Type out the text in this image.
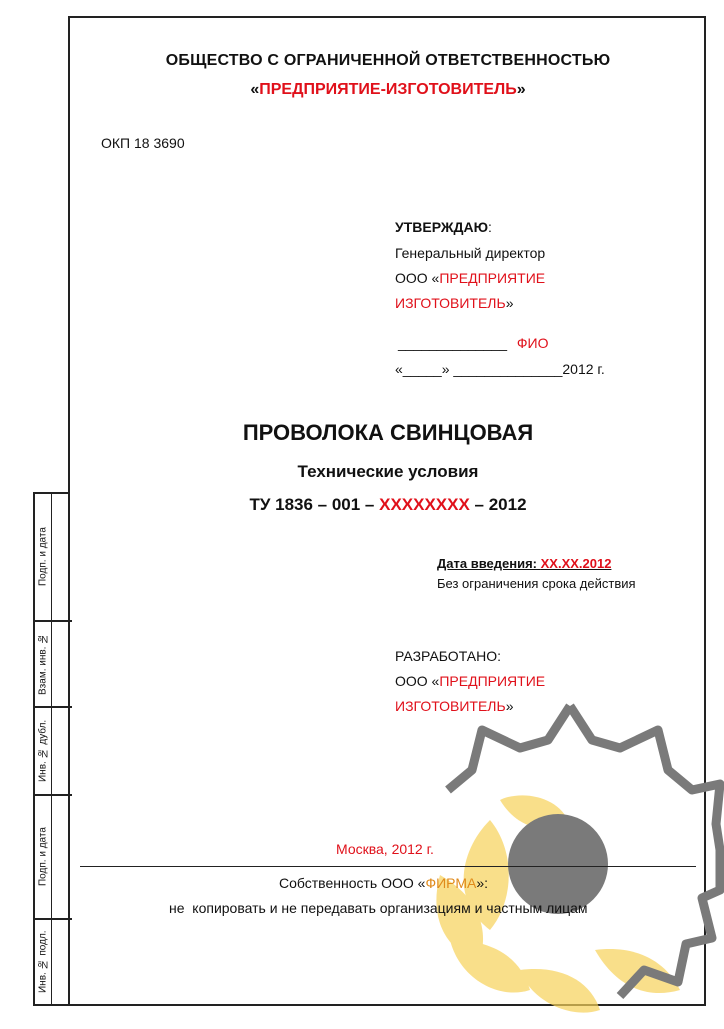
Подп. и дата
Взам. инв. №
Инв. № дубл.
Подп. и дата
Инв. № подл.
ОБЩЕСТВО С ОГРАНИЧЕННОЙ ОТВЕТСТВЕННОСТЬЮ
«ПРЕДПРИЯТИЕ-ИЗГОТОВИТЕЛЬ»
ОКП 18 3690
УТВЕРЖДАЮ:
Генеральный директор
ООО «ПРЕДПРИЯТИЕ
ИЗГОТОВИТЕЛЬ»
______________ ФИО
«_____» ______________2012 г.
ПРОВОЛОКА СВИНЦОВАЯ
Технические условия
ТУ 1836 – 001 – XXXXXXXX – 2012
Дата введения: ХХ.ХХ.2012
Без ограничения срока действия
РАЗРАБОТАНО:
ООО «ПРЕДПРИЯТИЕ
ИЗГОТОВИТЕЛЬ»
Москва, 2012 г.
Собственность ООО «ФИРМА»:
не  копировать и не передавать организациям и частным лицам
